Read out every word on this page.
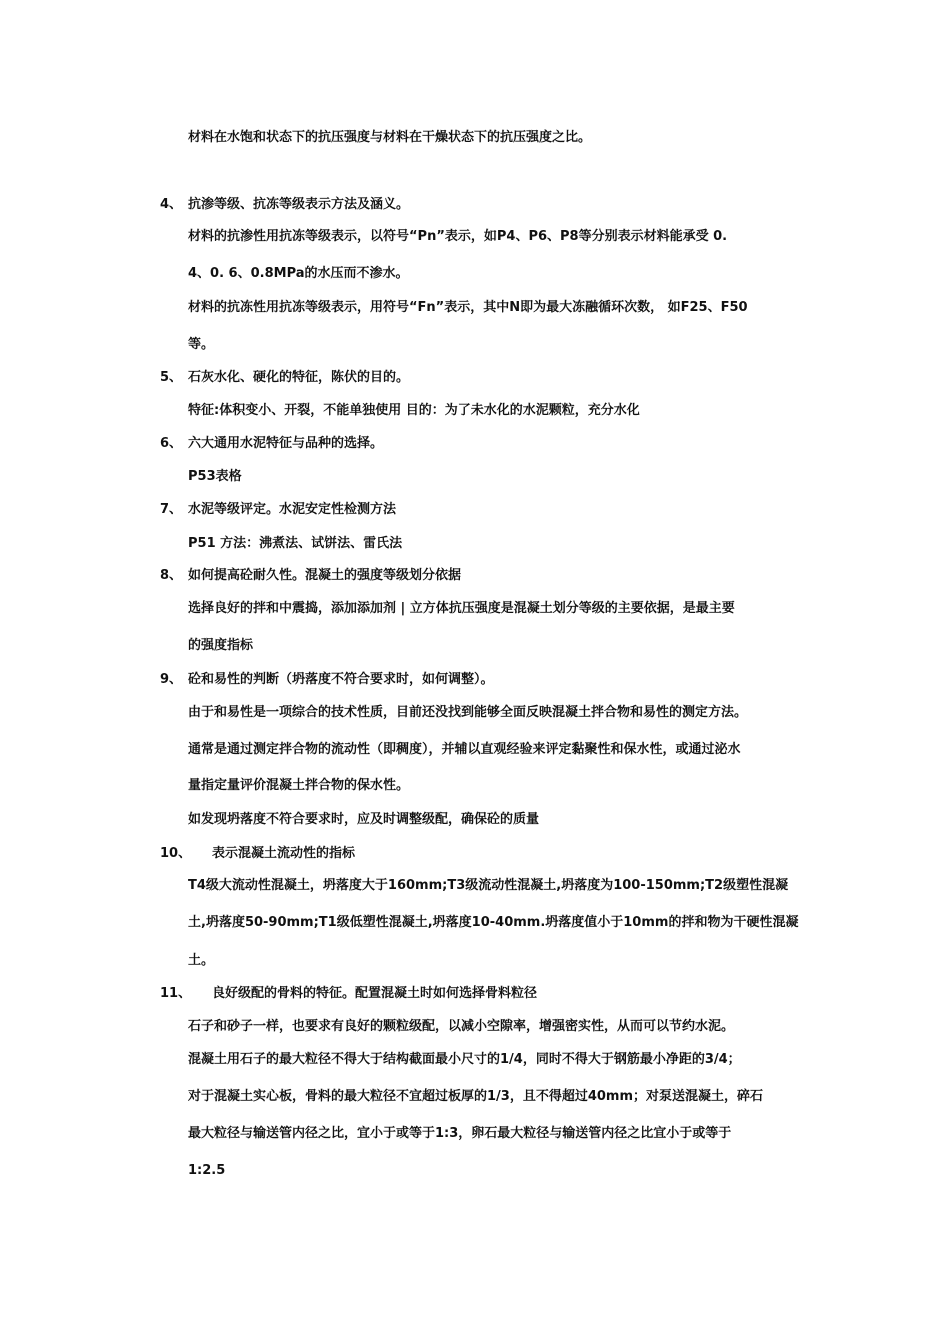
材料在水饱和状态下的抗压强度与材料在干燥状态下的抗压强度之比。
4、 抗渗等级、抗冻等级表示方法及涵义。
材料的抗渗性用抗冻等级表示，以符号“Pn”表示，如P4、P6、P8等分别表示材料能承受 0.
4、0. 6、0.8MPa的水压而不渗水。
材料的抗冻性用抗冻等级表示，用符号“Fn”表示，其中N即为最大冻融循环次数， 如F25、F50
等。
5、 石灰水化、硬化的特征，陈伏的目的。
特征:体积变小、开裂，不能单独使用 目的：为了未水化的水泥颗粒，充分水化
6、 六大通用水泥特征与品种的选择。
P53表格
7、 水泥等级评定。水泥安定性检测方法
P51 方法：沸煮法、试饼法、雷氏法
8、 如何提高砼耐久性。混凝土的强度等级划分依据
选择良好的拌和中震捣，添加添加剂 | 立方体抗压强度是混凝土划分等级的主要依据，是最主要
的强度指标
9、 砼和易性的判断（坍落度不符合要求时，如何调整）。
由于和易性是一项综合的技术性质，目前还没找到能够全面反映混凝土拌合物和易性的测定方法。
通常是通过测定拌合物的流动性（即稠度），并辅以直观经验来评定黏聚性和保水性，或通过泌水
量指定量评价混凝土拌合物的保水性。
如发现坍落度不符合要求时，应及时调整级配，确保砼的质量
10、 表示混凝土流动性的指标
T4级大流动性混凝土，坍落度大于160mm;T3级流动性混凝土,坍落度为100-150mm;T2级塑性混凝
土,坍落度50-90mm;T1级低塑性混凝土,坍落度10-40mm.坍落度值小于10mm的拌和物为干硬性混凝
土。
11、 良好级配的骨料的特征。配置混凝土时如何选择骨料粒径
石子和砂子一样，也要求有良好的颗粒级配，以减小空隙率，增强密实性，从而可以节约水泥。
混凝土用石子的最大粒径不得大于结构截面最小尺寸的1/4，同时不得大于钢筋最小净距的3/4；
对于混凝土实心板，骨料的最大粒径不宜超过板厚的1/3，且不得超过40mm；对泵送混凝土，碎石
最大粒径与输送管内径之比，宜小于或等于1:3，卵石最大粒径与输送管内径之比宜小于或等于
1:2.5
